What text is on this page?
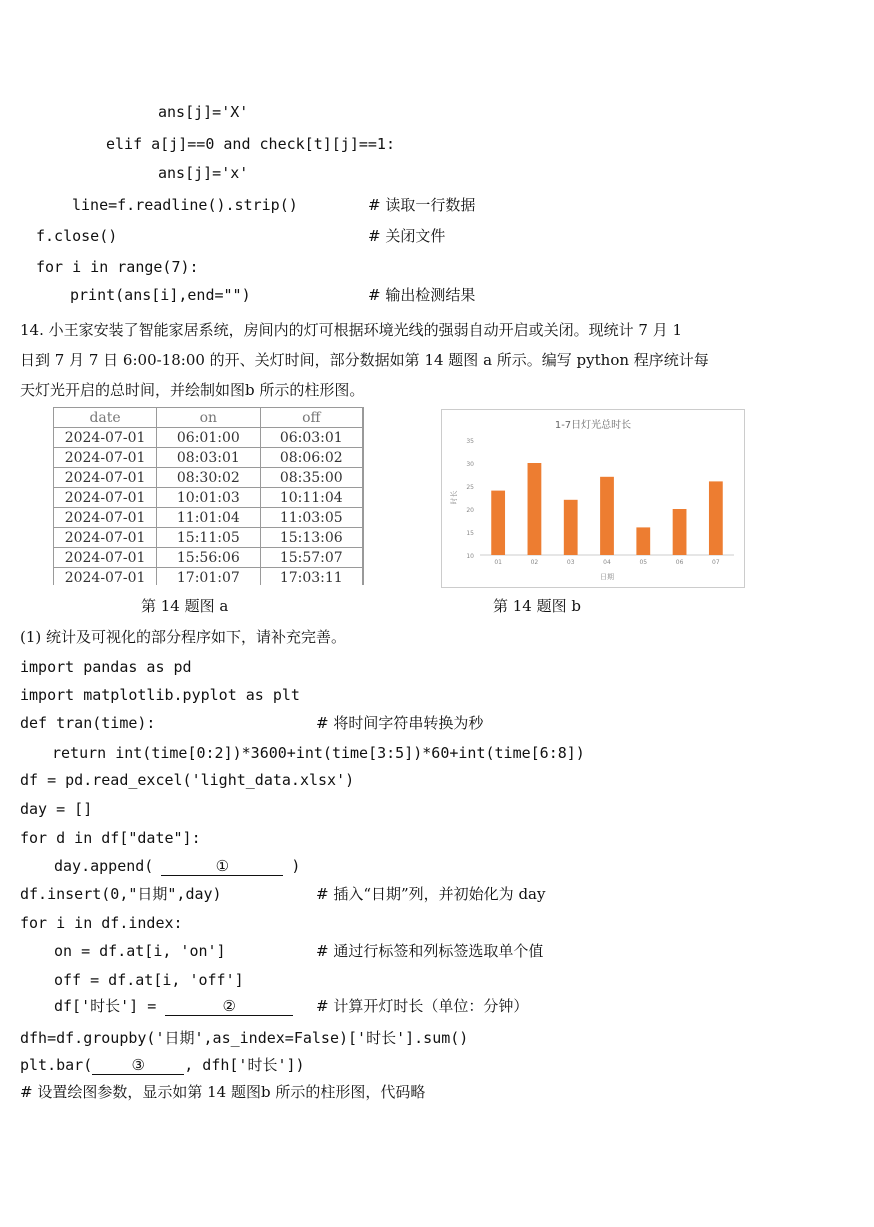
ans[j]='X'
elif a[j]==0 and check[t][j]==1:
ans[j]='x'
line=f.readline().strip()	# 读取一行数据
f.close()	# 关闭文件
for i in range(7):
print(ans[i],end="")	# 输出检测结果
14. 小王家安装了智能家居系统，房间内的灯可根据环境光线的强弱自动开启或关闭。现统计 7 月 1
日到 7 月 7 日 6:00-18:00 的开、关灯时间，部分数据如第 14 题图 a 所示。编写 python 程序统计每
天灯光开启的总时间，并绘制如图b 所示的柱形图。
date	on	off
2024-07-01	06:01:00	06:03:01
2024-07-01	08:03:01	08:06:02
2024-07-01	08:30:02	08:35:00
2024-07-01	10:01:03	10:11:04
2024-07-01	11:01:04	11:03:05
2024-07-01	15:11:05	15:13:06
2024-07-01	15:56:06	15:57:07
2024-07-01	17:01:07	17:03:11
第 14 题图 a
1-7日灯光总时长
10
15
20
25
30
35
时长
01	02	03	04	05	06	07
日期
第 14 题图 b
(1) 统计及可视化的部分程序如下，请补充完善。
import pandas as pd
import matplotlib.pyplot as plt
def tran(time):	# 将时间字符串转换为秒
return int(time[0:2])*3600+int(time[3:5])*60+int(time[6:8])
df = pd.read_excel('light_data.xlsx')
day = []
for d in df["date"]:
day.append(	①	)
df.insert(0,"日期",day)	# 插入“日期”列，并初始化为 day
for i in df.index:
on = df.at[i, 'on']	# 通过行标签和列标签选取单个值
off = df.at[i, 'off']
df['时长'] =	②	# 计算开灯时长（单位：分钟）
dfh=df.groupby('日期',as_index=False)['时长'].sum()
plt.bar(	③	, dfh['时长'])
# 设置绘图参数，显示如第 14 题图b 所示的柱形图，代码略
